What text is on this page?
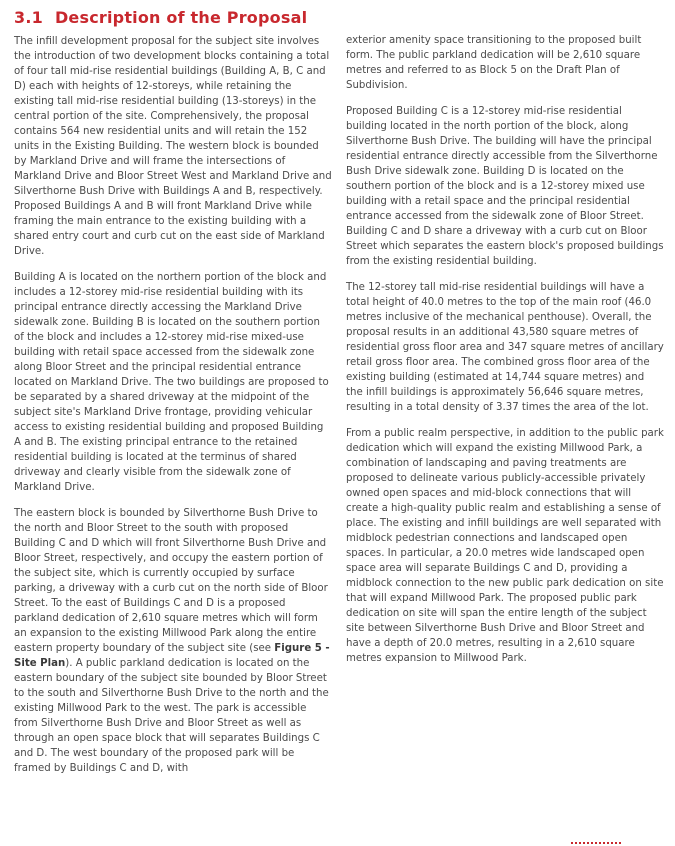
3.1 Description of the Proposal

The infill development proposal for the subject site involves the introduction of two development blocks containing a total of four tall mid-rise residential buildings (Building A, B, C and D) each with heights of 12-storeys, while retaining the existing tall mid-rise residential building (13-storeys) in the central portion of the site. Comprehensively, the proposal contains 564 new residential units and will retain the 152 units in the Existing Building. The western block is bounded by Markland Drive and will frame the intersections of Markland Drive and Bloor Street West and Markland Drive and Silverthorne Bush Drive with Buildings A and B, respectively. Proposed Buildings A and B will front Markland Drive while framing the main entrance to the existing building with a shared entry court and curb cut on the east side of Markland Drive.

Building A is located on the northern portion of the block and includes a 12-storey mid-rise residential building with its principal entrance directly accessing the Markland Drive sidewalk zone. Building B is located on the southern portion of the block and includes a 12-storey mid-rise mixed-use building with retail space accessed from the sidewalk zone along Bloor Street and the principal residential entrance located on Markland Drive. The two buildings are proposed to be separated by a shared driveway at the midpoint of the subject site's Markland Drive frontage, providing vehicular access to existing residential building and proposed Building A and B. The existing principal entrance to the retained residential building is located at the terminus of shared driveway and clearly visible from the sidewalk zone of Markland Drive.

The eastern block is bounded by Silverthorne Bush Drive to the north and Bloor Street to the south with proposed Building C and D which will front Silverthorne Bush Drive and Bloor Street, respectively, and occupy the eastern portion of the subject site, which is currently occupied by surface parking, a driveway with a curb cut on the north side of Bloor Street. To the east of Buildings C and D is a proposed parkland dedication of 2,610 square metres which will form an expansion to the existing Millwood Park along the entire eastern property boundary of the subject site (see Figure 5 - Site Plan). A public parkland dedication is located on the eastern boundary of the subject site bounded by Bloor Street to the south and Silverthorne Bush Drive to the north and the existing Millwood Park to the west. The park is accessible from Silverthorne Bush Drive and Bloor Street as well as through an open space block that will separates Buildings C and D. The west boundary of the proposed park will be framed by Buildings C and D, with

exterior amenity space transitioning to the proposed built form. The public parkland dedication will be 2,610 square metres and referred to as Block 5 on the Draft Plan of Subdivision.

Proposed Building C is a 12-storey mid-rise residential building located in the north portion of the block, along Silverthorne Bush Drive. The building will have the principal residential entrance directly accessible from the Silverthorne Bush Drive sidewalk zone. Building D is located on the southern portion of the block and is a 12-storey mixed use building with a retail space and the principal residential entrance accessed from the sidewalk zone of Bloor Street. Building C and D share a driveway with a curb cut on Bloor Street which separates the eastern block's proposed buildings from the existing residential building.

The 12-storey tall mid-rise residential buildings will have a total height of 40.0 metres to the top of the main roof (46.0 metres inclusive of the mechanical penthouse). Overall, the proposal results in an additional 43,580 square metres of residential gross floor area and 347 square metres of ancillary retail gross floor area. The combined gross floor area of the existing building (estimated at 14,744 square metres) and the infill buildings is approximately 56,646 square metres, resulting in a total density of 3.37 times the area of the lot.

From a public realm perspective, in addition to the public park dedication which will expand the existing Millwood Park, a combination of landscaping and paving treatments are proposed to delineate various publicly-accessible privately owned open spaces and mid-block connections that will create a high-quality public realm and establishing a sense of place. The existing and infill buildings are well separated with midblock pedestrian connections and landscaped open spaces. In particular, a 20.0 metres wide landscaped open space area will separate Buildings C and D, providing a midblock connection to the new public park dedication on site that will expand Millwood Park. The proposed public park dedication on site will span the entire length of the subject site between Silverthorne Bush Drive and Bloor Street and have a depth of 20.0 metres, resulting in a 2,610 square metres expansion to Millwood Park.
